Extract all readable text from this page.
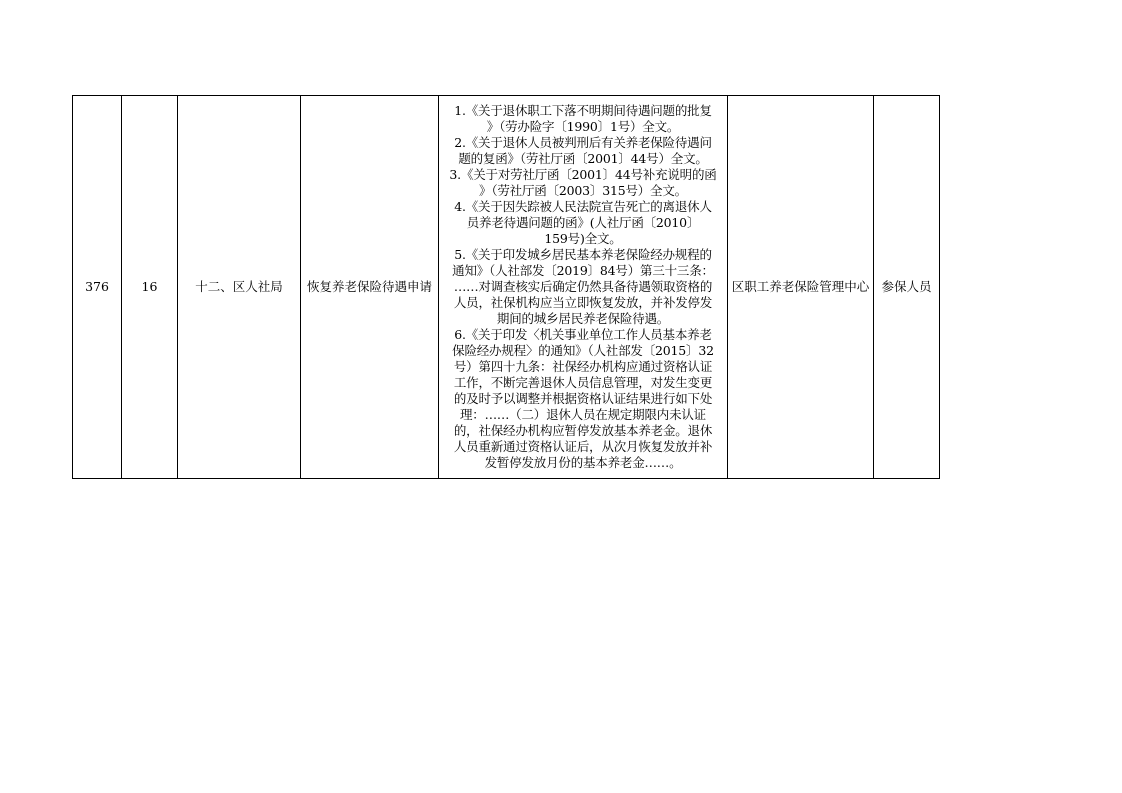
376	16	十二、区人社局	恢复养老保险待遇申请	
1.《关于退休职工下落不明期间待遇问题的批复
》（劳办险字〔1990〕1号）全文。
2.《关于退休人员被判刑后有关养老保险待遇问
题的复函》（劳社厅函〔2001〕44号）全文。
3.《关于对劳社厅函〔2001〕44号补充说明的函
》（劳社厅函〔2003〕315号）全文。
4.《关于因失踪被人民法院宣告死亡的离退休人
员养老待遇问题的函》(人社厅函〔2010〕
159号)全文。
5.《关于印发城乡居民基本养老保险经办规程的
通知》（人社部发〔2019〕84号）第三十三条：
……对调查核实后确定仍然具备待遇领取资格的
人员，社保机构应当立即恢复发放，并补发停发
期间的城乡居民养老保险待遇。
6.《关于印发〈机关事业单位工作人员基本养老
保险经办规程〉的通知》（人社部发〔2015〕32
号）第四十九条：社保经办机构应通过资格认证
工作，不断完善退休人员信息管理，对发生变更
的及时予以调整并根据资格认证结果进行如下处
理：……（二）退休人员在规定期限内未认证
的，社保经办机构应暂停发放基本养老金。退休
人员重新通过资格认证后，从次月恢复发放并补
发暂停发放月份的基本养老金……。
	区职工养老保险管理中心	参保人员
